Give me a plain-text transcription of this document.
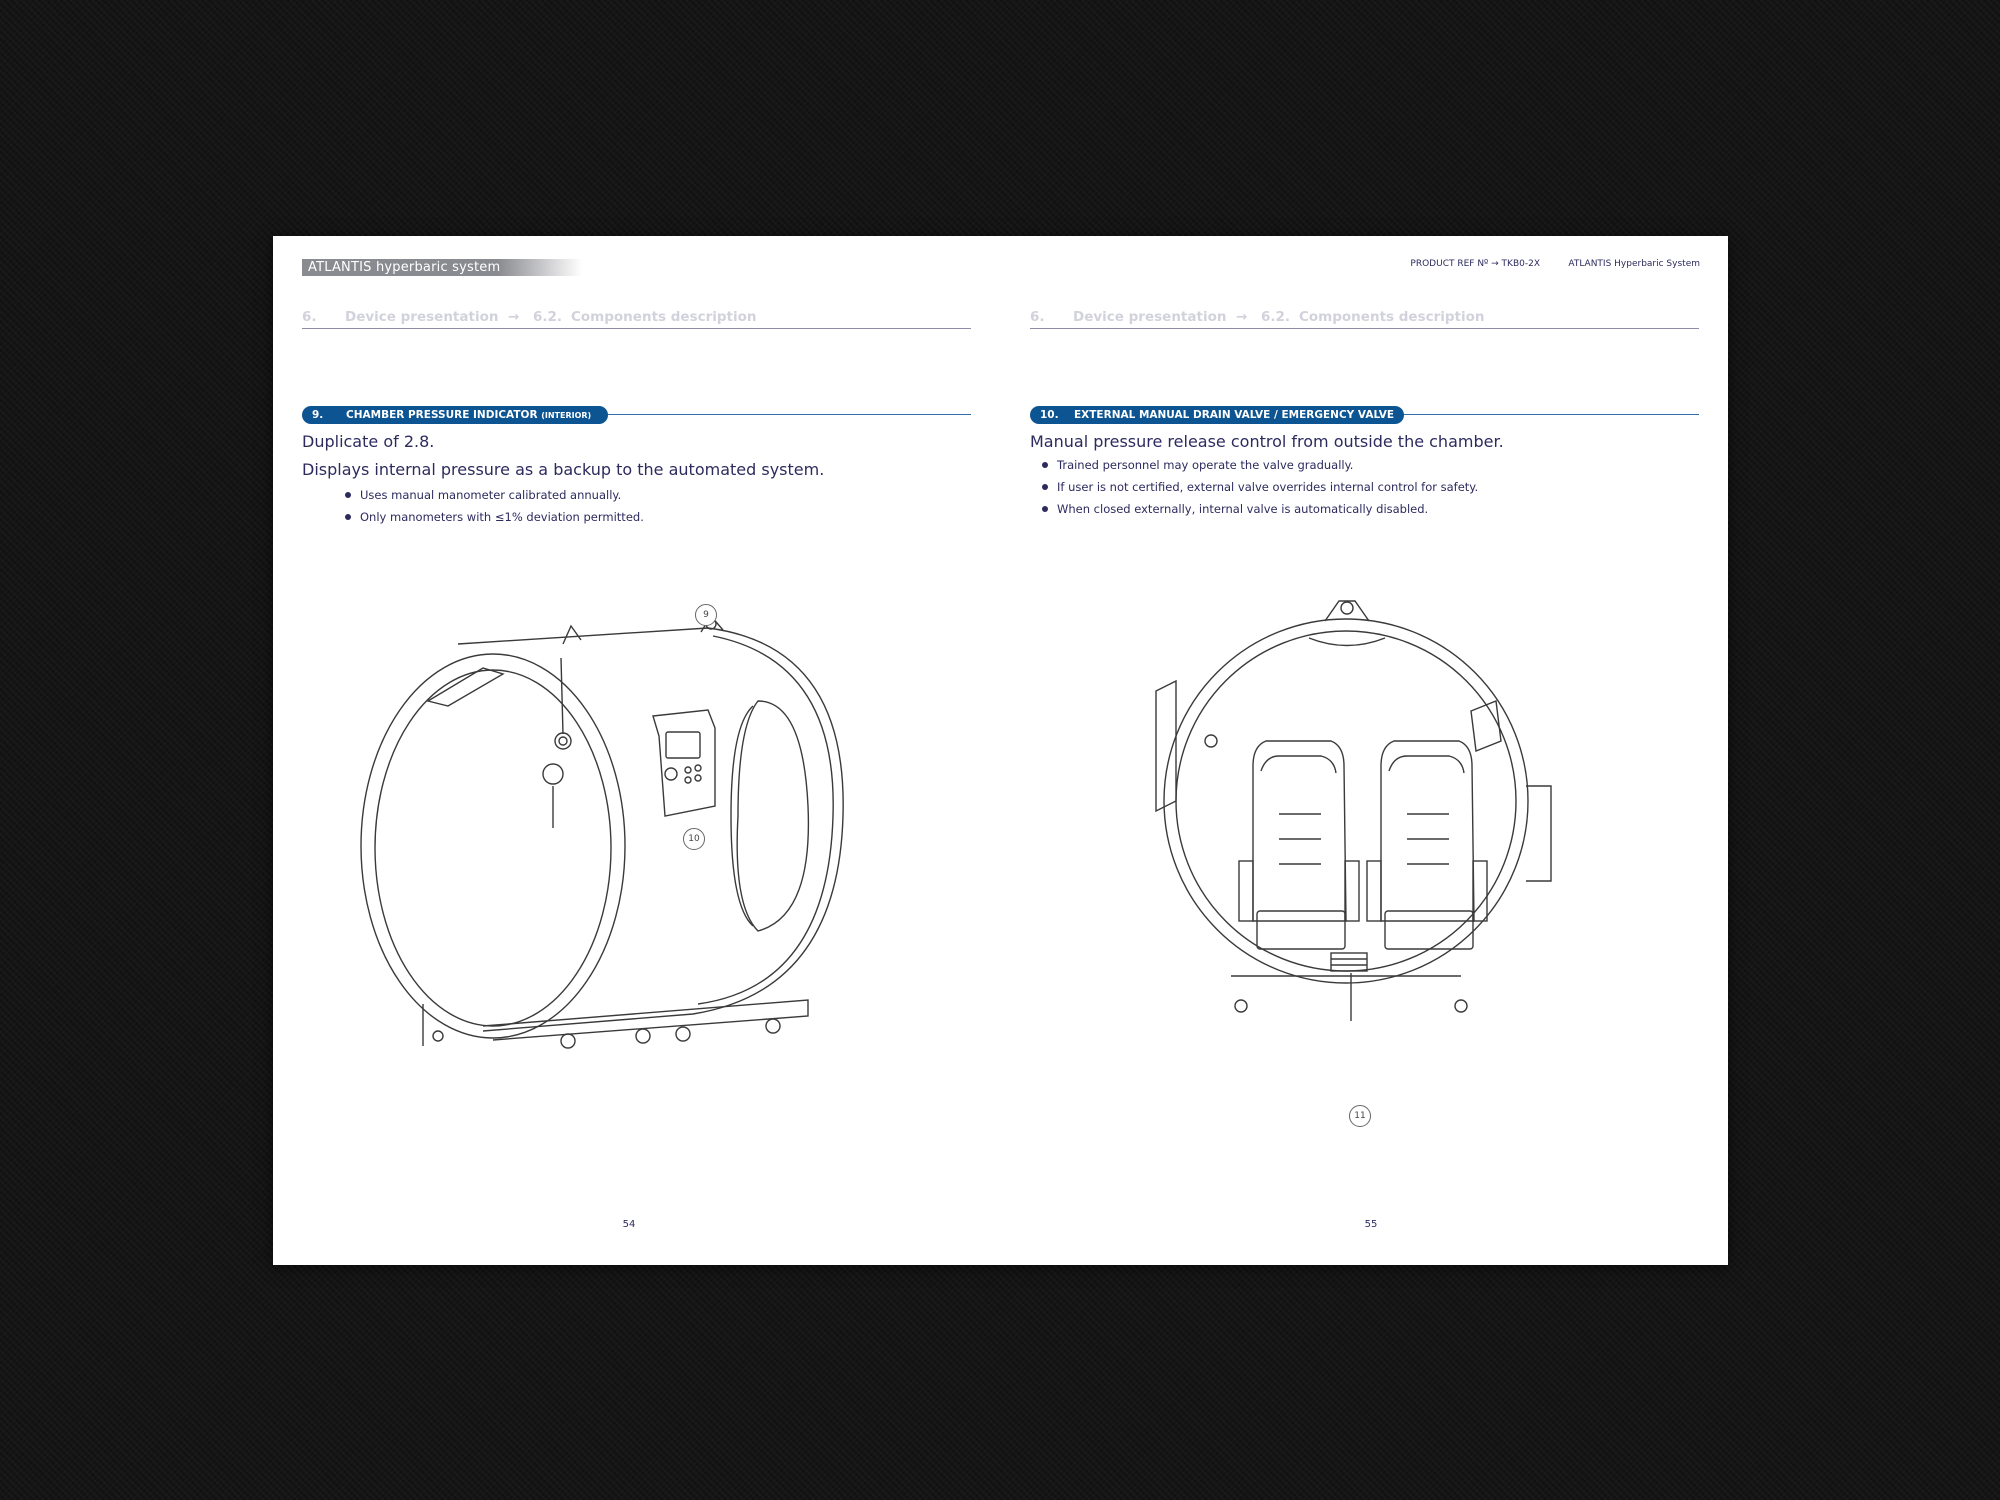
ATLANTIS hyperbaric system
6. Device presentation → 6.2. Components description
9. CHAMBER PRESSURE INDICATOR (INTERIOR)
Duplicate of 2.8.
Displays internal pressure as a backup to the automated system.
Uses manual manometer calibrated annually.
Only manometers with ≤1% deviation permitted.
9
10
54
PRODUCT REF Nº → TKB0-2X	ATLANTIS Hyperbaric System
6. Device presentation → 6.2. Components description
10. EXTERNAL MANUAL DRAIN VALVE / EMERGENCY VALVE
Manual pressure release control from outside the chamber.
Trained personnel may operate the valve gradually.
If user is not certified, external valve overrides internal control for safety.
When closed externally, internal valve is automatically disabled.
11
55
